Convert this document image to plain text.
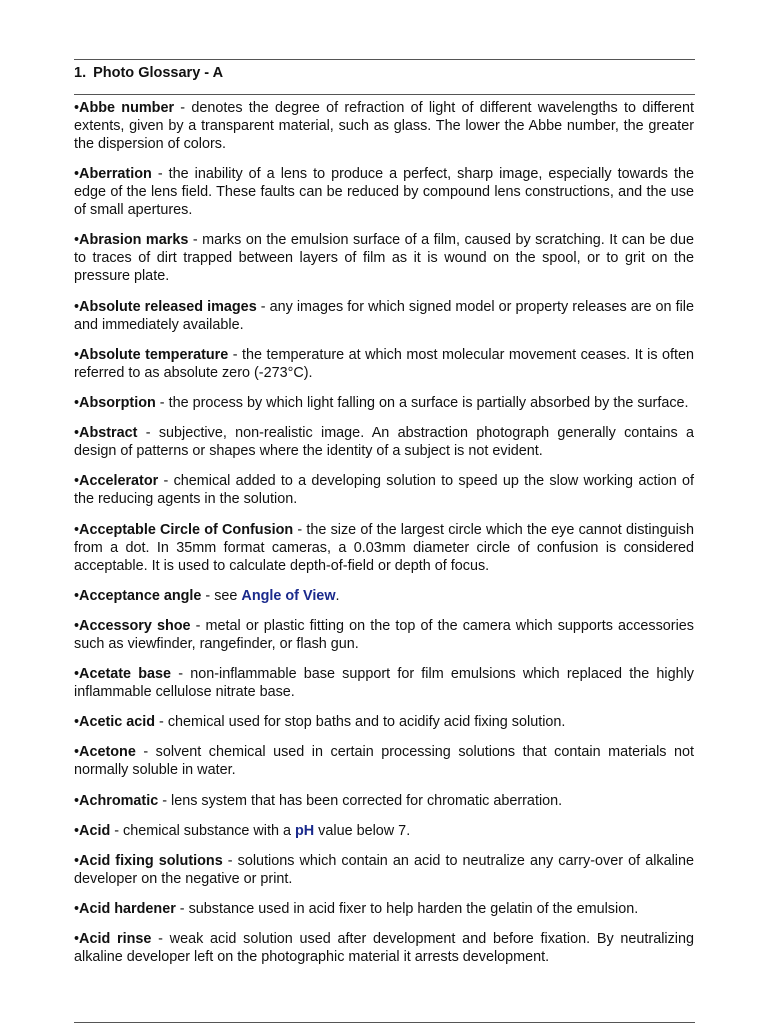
1. Photo Glossary - A

•Abbe number - denotes the degree of refraction of light of different wavelengths to different extents, given by a transparent material, such as glass. The lower the Abbe number, the greater the dispersion of colors.

•Aberration - the inability of a lens to produce a perfect, sharp image, especially towards the edge of the lens field. These faults can be reduced by compound lens constructions, and the use of small apertures.

•Abrasion marks - marks on the emulsion surface of a film, caused by scratching. It can be due to traces of dirt trapped between layers of film as it is wound on the spool, or to grit on the pressure plate.

•Absolute released images - any images for which signed model or property releases are on file and immediately available.

•Absolute temperature - the temperature at which most molecular movement ceases. It is often referred to as absolute zero (-273°C).

•Absorption - the process by which light falling on a surface is partially absorbed by the surface.

•Abstract - subjective, non-realistic image. An abstraction photograph generally contains a design of patterns or shapes where the identity of a subject is not evident.

•Accelerator - chemical added to a developing solution to speed up the slow working action of the reducing agents in the solution.

•Acceptable Circle of Confusion - the size of the largest circle which the eye cannot distinguish from a dot. In 35mm format cameras, a 0.03mm diameter circle of confusion is considered acceptable. It is used to calculate depth-of-field or depth of focus.

•Acceptance angle - see Angle of View.

•Accessory shoe - metal or plastic fitting on the top of the camera which supports accessories such as viewfinder, rangefinder, or flash gun.

•Acetate base - non-inflammable base support for film emulsions which replaced the highly inflammable cellulose nitrate base.

•Acetic acid - chemical used for stop baths and to acidify acid fixing solution.

•Acetone - solvent chemical used in certain processing solutions that contain materials not normally soluble in water.

•Achromatic - lens system that has been corrected for chromatic aberration.

•Acid - chemical substance with a pH value below 7.

•Acid fixing solutions - solutions which contain an acid to neutralize any carry-over of alkaline developer on the negative or print.

•Acid hardener - substance used in acid fixer to help harden the gelatin of the emulsion.

•Acid rinse - weak acid solution used after development and before fixation. By neutralizing alkaline developer left on the photographic material it arrests development.
